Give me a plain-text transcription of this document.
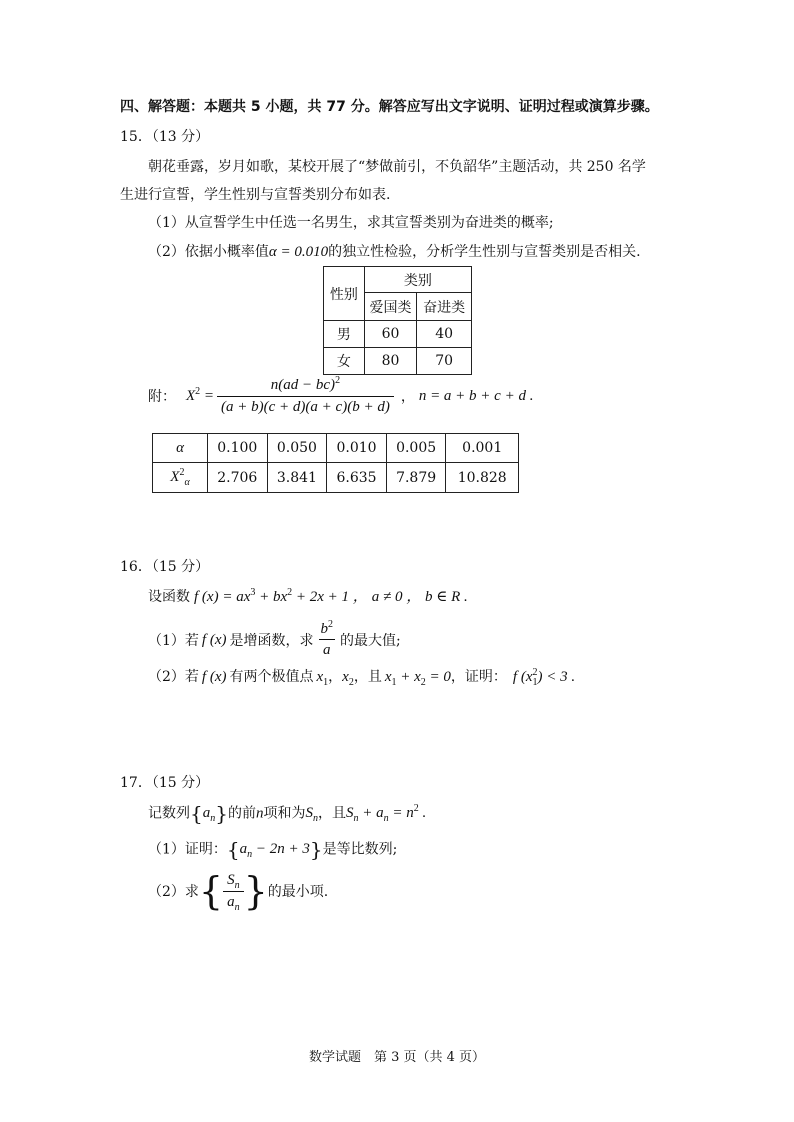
四、解答题：本题共 5 小题，共 77 分。解答应写出文字说明、证明过程或演算步骤。
15．（13 分）
朝花垂露，岁月如歌，某校开展了“梦做前引，不负韶华”主题活动，共 250 名学
生进行宣誓，学生性别与宣誓类别分布如表.
（1）从宣誓学生中任选一名男生，求其宣誓类别为奋进类的概率;
（2）依据小概率值α = 0.010的独立性检验，分析学生性别与宣誓类别是否相关.
性别	类别	
	爱国类	奋进类
男	60	40
女	80	70
附： $X^2 = \frac{n(ad - bc)^2}{(a + b)(c + d)(a + c)(b + d)}$ ， n = a + b + c + d .
α	0.100	0.050	0.010	0.005	0.001
$X^2_\alpha$	2.706	3.841	6.635	7.879	10.828
16．（15 分）
设函数 f $(x) = ax^3 + bx^2 + 2x + 1$ ， a ≠ 0 ， b ∈ R .
（1）若 f (x) 是增函数，求 $\frac{b^2}{a}$ 的最大值;
（2）若 f (x) 有两个极值点 $x_1$，$x_2$，且 $x_1 + x_2 = 0$，证明： f $(x^2_1) < 3$ .
17．（15 分）
记数列$\{a_n\}$的前n项和为$S_n$，且$S_n + a_n = n^2$ .
（1）证明：$\{a_n - 2n + 3\}$是等比数列;
（2）求 { $\frac{S_n}{a_n}$ } 的最小项.
数学试题　第 3 页（共 4 页）
